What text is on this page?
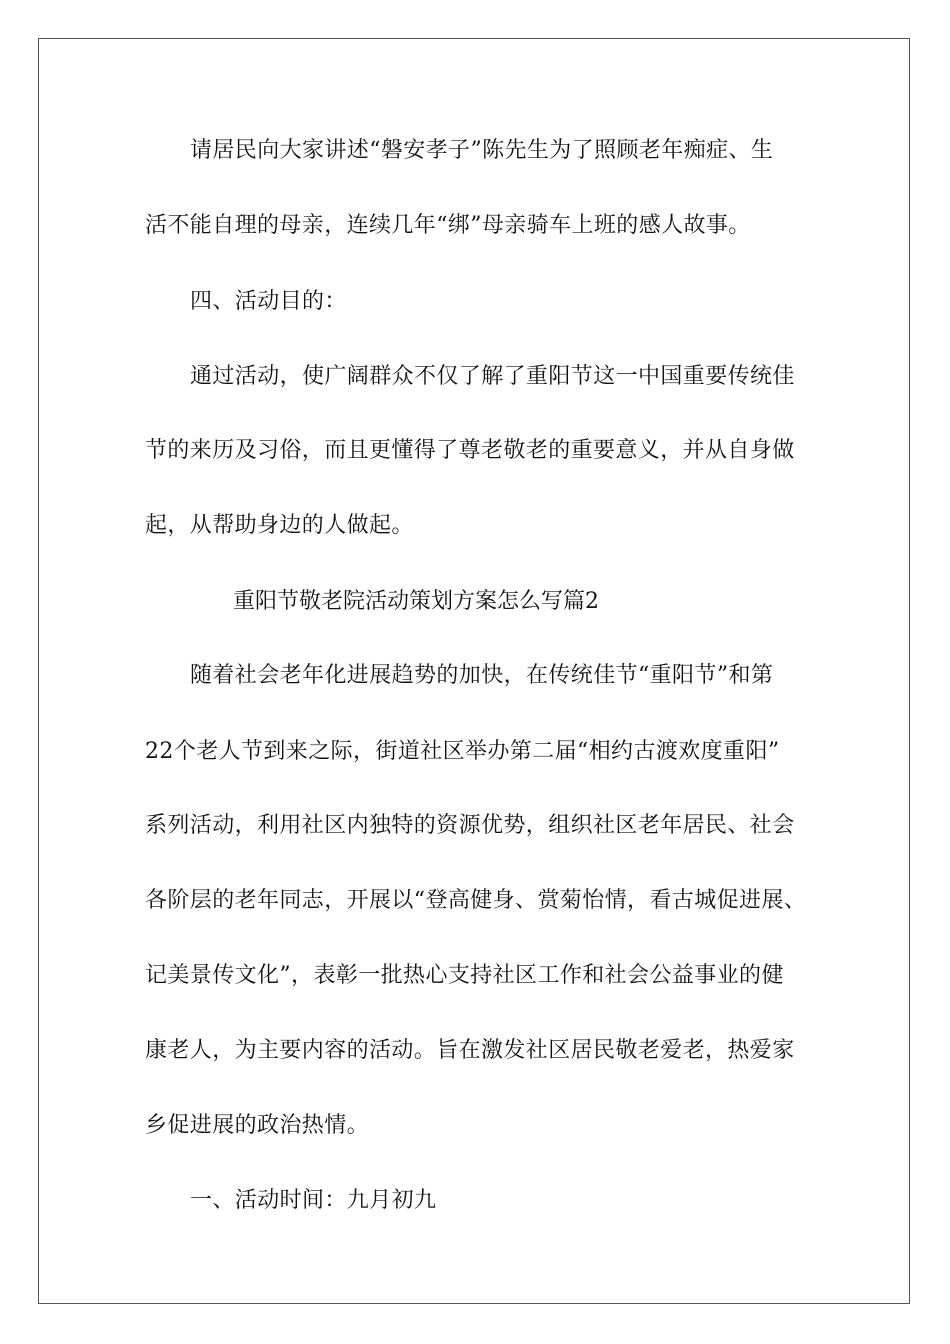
请居民向大家讲述“磐安孝子”陈先生为了照顾老年痴症、生
活不能自理的母亲，连续几年“绑”母亲骑车上班的感人故事。
四、活动目的：
通过活动，使广阔群众不仅了解了重阳节这一中国重要传统佳
节的来历及习俗，而且更懂得了尊老敬老的重要意义，并从自身做
起，从帮助身边的人做起。
重阳节敬老院活动策划方案怎么写篇2
随着社会老年化进展趋势的加快，在传统佳节“重阳节”和第
22个老人节到来之际，街道社区举办第二届“相约古渡欢度重阳”
系列活动，利用社区内独特的资源优势，组织社区老年居民、社会
各阶层的老年同志，开展以“登高健身、赏菊怡情，看古城促进展、
记美景传文化”，表彰一批热心支持社区工作和社会公益事业的健
康老人，为主要内容的活动。旨在激发社区居民敬老爱老，热爱家
乡促进展的政治热情。
一、活动时间：九月初九
